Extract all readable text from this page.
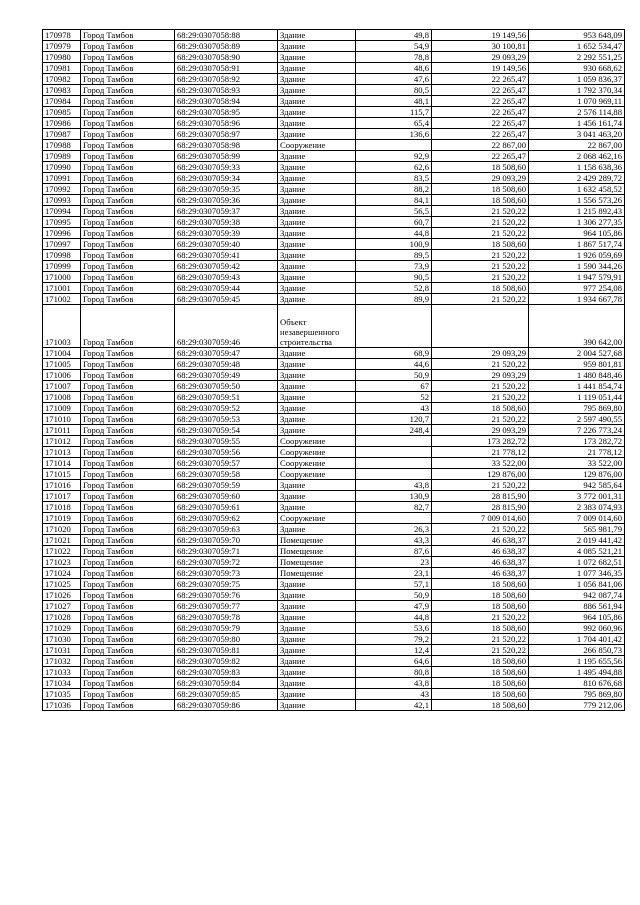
170978	Город Тамбов	68:29:0307058:88	Здание	49,8	19 149,56	953 648,09
170979	Город Тамбов	68:29:0307058:89	Здание	54,9	30 100,81	1 652 534,47
170980	Город Тамбов	68:29:0307058:90	Здание	78,8	29 093,29	2 292 551,25
170981	Город Тамбов	68:29:0307058:91	Здание	48,6	19 149,56	930 668,62
170982	Город Тамбов	68:29:0307058:92	Здание	47,6	22 265,47	1 059 836,37
170983	Город Тамбов	68:29:0307058:93	Здание	80,5	22 265,47	1 792 370,34
170984	Город Тамбов	68:29:0307058:94	Здание	48,1	22 265,47	1 070 969,11
170985	Город Тамбов	68:29:0307058:95	Здание	115,7	22 265,47	2 576 114,88
170986	Город Тамбов	68:29:0307058:96	Здание	65,4	22 265,47	1 456 161,74
170987	Город Тамбов	68:29:0307058:97	Здание	136,6	22 265,47	3 041 463,20
170988	Город Тамбов	68:29:0307058:98	Сооружение		22 867,00	22 867,00
170989	Город Тамбов	68:29:0307058:99	Здание	92,9	22 265,47	2 068 462,16
170990	Город Тамбов	68:29:0307059:33	Здание	62,6	18 508,60	1 158 638,36
170991	Город Тамбов	68:29:0307059:34	Здание	83,5	29 093,29	2 429 289,72
170992	Город Тамбов	68:29:0307059:35	Здание	88,2	18 508,60	1 632 458,52
170993	Город Тамбов	68:29:0307059:36	Здание	84,1	18 508,60	1 556 573,26
170994	Город Тамбов	68:29:0307059:37	Здание	56,5	21 520,22	1 215 892,43
170995	Город Тамбов	68:29:0307059:38	Здание	60,7	21 520,22	1 306 277,35
170996	Город Тамбов	68:29:0307059:39	Здание	44,8	21 520,22	964 105,86
170997	Город Тамбов	68:29:0307059:40	Здание	100,9	18 508,60	1 867 517,74
170998	Город Тамбов	68:29:0307059:41	Здание	89,5	21 520,22	1 926 059,69
170999	Город Тамбов	68:29:0307059:42	Здание	73,9	21 520,22	1 590 344,26
171000	Город Тамбов	68:29:0307059:43	Здание	90,5	21 520,22	1 947 579,91
171001	Город Тамбов	68:29:0307059:44	Здание	52,8	18 508,60	977 254,08
171002	Город Тамбов	68:29:0307059:45	Здание	89,9	21 520,22	1 934 667,78
171003	Город Тамбов	68:29:0307059:46	Объект незавершенного строительства			390 642,00
171004	Город Тамбов	68:29:0307059:47	Здание	68,9	29 093,29	2 004 527,68
171005	Город Тамбов	68:29:0307059:48	Здание	44,6	21 520,22	959 801,81
171006	Город Тамбов	68:29:0307059:49	Здание	50,9	29 093,29	1 480 848,46
171007	Город Тамбов	68:29:0307059:50	Здание	67	21 520,22	1 441 854,74
171008	Город Тамбов	68:29:0307059:51	Здание	52	21 520,22	1 119 051,44
171009	Город Тамбов	68:29:0307059:52	Здание	43	18 508,60	795 869,80
171010	Город Тамбов	68:29:0307059:53	Здание	120,7	21 520,22	2 597 490,55
171011	Город Тамбов	68:29:0307059:54	Здание	248,4	29 093,29	7 226 773,24
171012	Город Тамбов	68:29:0307059:55	Сооружение		173 282,72	173 282,72
171013	Город Тамбов	68:29:0307059:56	Сооружение		21 778,12	21 778,12
171014	Город Тамбов	68:29:0307059:57	Сооружение		33 522,00	33 522,00
171015	Город Тамбов	68:29:0307059:58	Сооружение		129 876,00	129 876,00
171016	Город Тамбов	68:29:0307059:59	Здание	43,8	21 520,22	942 585,64
171017	Город Тамбов	68:29:0307059:60	Здание	130,9	28 815,90	3 772 001,31
171018	Город Тамбов	68:29:0307059:61	Здание	82,7	28 815,90	2 383 074,93
171019	Город Тамбов	68:29:0307059:62	Сооружение		7 009 014,60	7 009 014,60
171020	Город Тамбов	68:29:0307059:63	Здание	26,3	21 520,22	565 981,79
171021	Город Тамбов	68:29:0307059:70	Помещение	43,3	46 638,37	2 019 441,42
171022	Город Тамбов	68:29:0307059:71	Помещение	87,6	46 638,37	4 085 521,21
171023	Город Тамбов	68:29:0307059:72	Помещение	23	46 638,37	1 072 682,51
171024	Город Тамбов	68:29:0307059:73	Помещение	23,1	46 638,37	1 077 346,35
171025	Город Тамбов	68:29:0307059:75	Здание	57,1	18 508,60	1 056 841,06
171026	Город Тамбов	68:29:0307059:76	Здание	50,9	18 508,60	942 087,74
171027	Город Тамбов	68:29:0307059:77	Здание	47,9	18 508,60	886 561,94
171028	Город Тамбов	68:29:0307059:78	Здание	44,8	21 520,22	964 105,86
171029	Город Тамбов	68:29:0307059:79	Здание	53,6	18 508,60	992 060,96
171030	Город Тамбов	68:29:0307059:80	Здание	79,2	21 520,22	1 704 401,42
171031	Город Тамбов	68:29:0307059:81	Здание	12,4	21 520,22	266 850,73
171032	Город Тамбов	68:29:0307059:82	Здание	64,6	18 508,60	1 195 655,56
171033	Город Тамбов	68:29:0307059:83	Здание	80,8	18 508,60	1 495 494,88
171034	Город Тамбов	68:29:0307059:84	Здание	43,8	18 508,60	810 676,68
171035	Город Тамбов	68:29:0307059:85	Здание	43	18 508,60	795 869,80
171036	Город Тамбов	68:29:0307059:86	Здание	42,1	18 508,60	779 212,06
